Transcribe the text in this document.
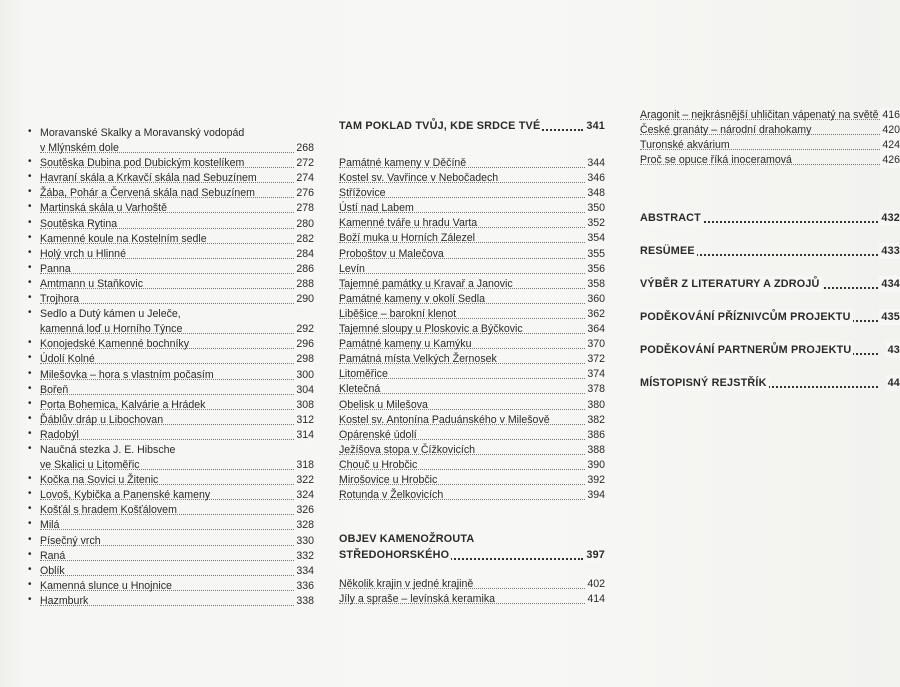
• Moravanské Skalky a Moravanský vodopád
v Mlýnském dole	268
• Soutěska Dubina pod Dubickým kostelíkem	272
• Havraní skála a Krkavčí skála nad Sebuzínem	274
• Žába, Pohár a Červená skála nad Sebuzínem	276
• Martinská skála u Varhoště	278
• Soutěska Rytina	280
• Kamenné koule na Kostelním sedle	282
• Holý vrch u Hlinné	284
• Panna	286
• Amtmann u Staňkovic	288
• Trojhora	290
• Sedlo a Dutý kámen u Jeleče,
kamenná loď u Horního Týnce	292
• Konojedské Kamenné bochníky	296
• Údolí Kolné	298
• Milešovka – hora s vlastním počasím	300
• Bořeň	304
• Porta Bohemica, Kalvárie a Hrádek	308
• Ďáblův dráp u Libochovan	312
• Radobýl	314
• Naučná stezka J. E. Hibsche
ve Skalici u Litoměřic	318
• Kočka na Sovici u Žitenic	322
• Lovoš, Kybička a Panenské kameny	324
• Košťál s hradem Košťálovem	326
• Milá	328
• Písečný vrch	330
• Raná	332
• Oblík	334
• Kamenná slunce u Hnojnice	336
• Hazmburk	338
TAM POKLAD TVŮJ, KDE SRDCE TVÉ	341
Památné kameny v Děčíně	344
Kostel sv. Vavřince v Nebočadech	346
Střížovice	348
Ústí nad Labem	350
Kamenné tváře u hradu Varta	352
Boží muka u Horních Zálezel	354
Proboštov u Malečova	355
Levín	356
Tajemné památky u Kravař a Janovic	358
Památné kameny v okolí Sedla	360
Liběšice – barokní klenot	362
Tajemné sloupy u Ploskovic a Býčkovic	364
Památné kameny u Kamýku	370
Památná místa Velkých Žernosek	372
Litoměřice	374
Kletečná	378
Obelisk u Milešova	380
Kostel sv. Antonína Paduánského v Milešově	382
Opárenské údolí	386
Ježíšova stopa v Čížkovicích	388
Chouč u Hrobčic	390
Mirošovice u Hrobčic	392
Rotunda v Želkovicích	394
OBJEV KAMENOŽROUTA
STŘEDOHORSKÉHO	397
Několik krajin v jedné krajině	402
Jíly a spraše – levínská keramika	414
Aragonit – nejkrásnější uhličitan vápenatý na světě 416
České granáty – národní drahokamy	420
Turonské akvárium	424
Proč se opuce říká inoceramová	426
ABSTRACT	432
RESÜMEE	433
VÝBĚR Z LITERATURY A ZDROJŮ	434
PODĚKOVÁNÍ PŘÍZNIVCŮM PROJEKTU	435
PODĚKOVÁNÍ PARTNERŮM PROJEKTU	43
MÍSTOPISNÝ REJSTŘÍK	44
